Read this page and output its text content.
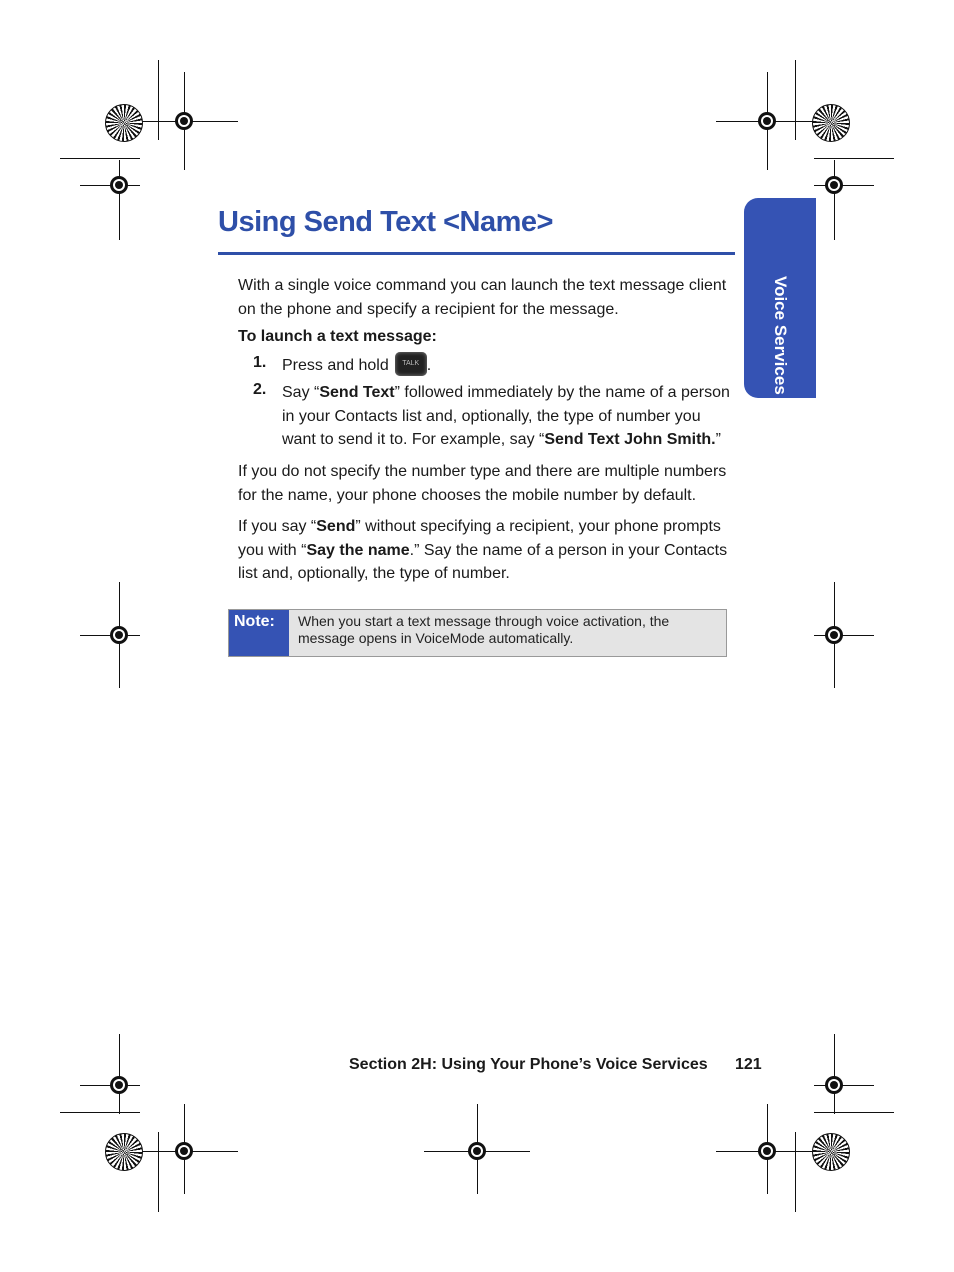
Voice Services
Using Send Text <Name>
With a single voice command you can launch the text message client on the phone and specify a recipient for the message.
To launch a text message:
1. Press and hold	TALK .
2. Say “Send Text” followed immediately by the name of a person in your Contacts list and, optionally, the type of number you want to send it to. For example, say “Send Text John Smith.”
If you do not specify the number type and there are multiple numbers for the name, your phone chooses the mobile number by default.
If you say “Send” without specifying a recipient, your phone prompts you with “Say the name.” Say the name of a person in your Contacts list and, optionally, the type of number.
Note: When you start a text message through voice activation, the message opens in VoiceMode automatically.
Section 2H: Using Your Phone’s Voice Services 121
